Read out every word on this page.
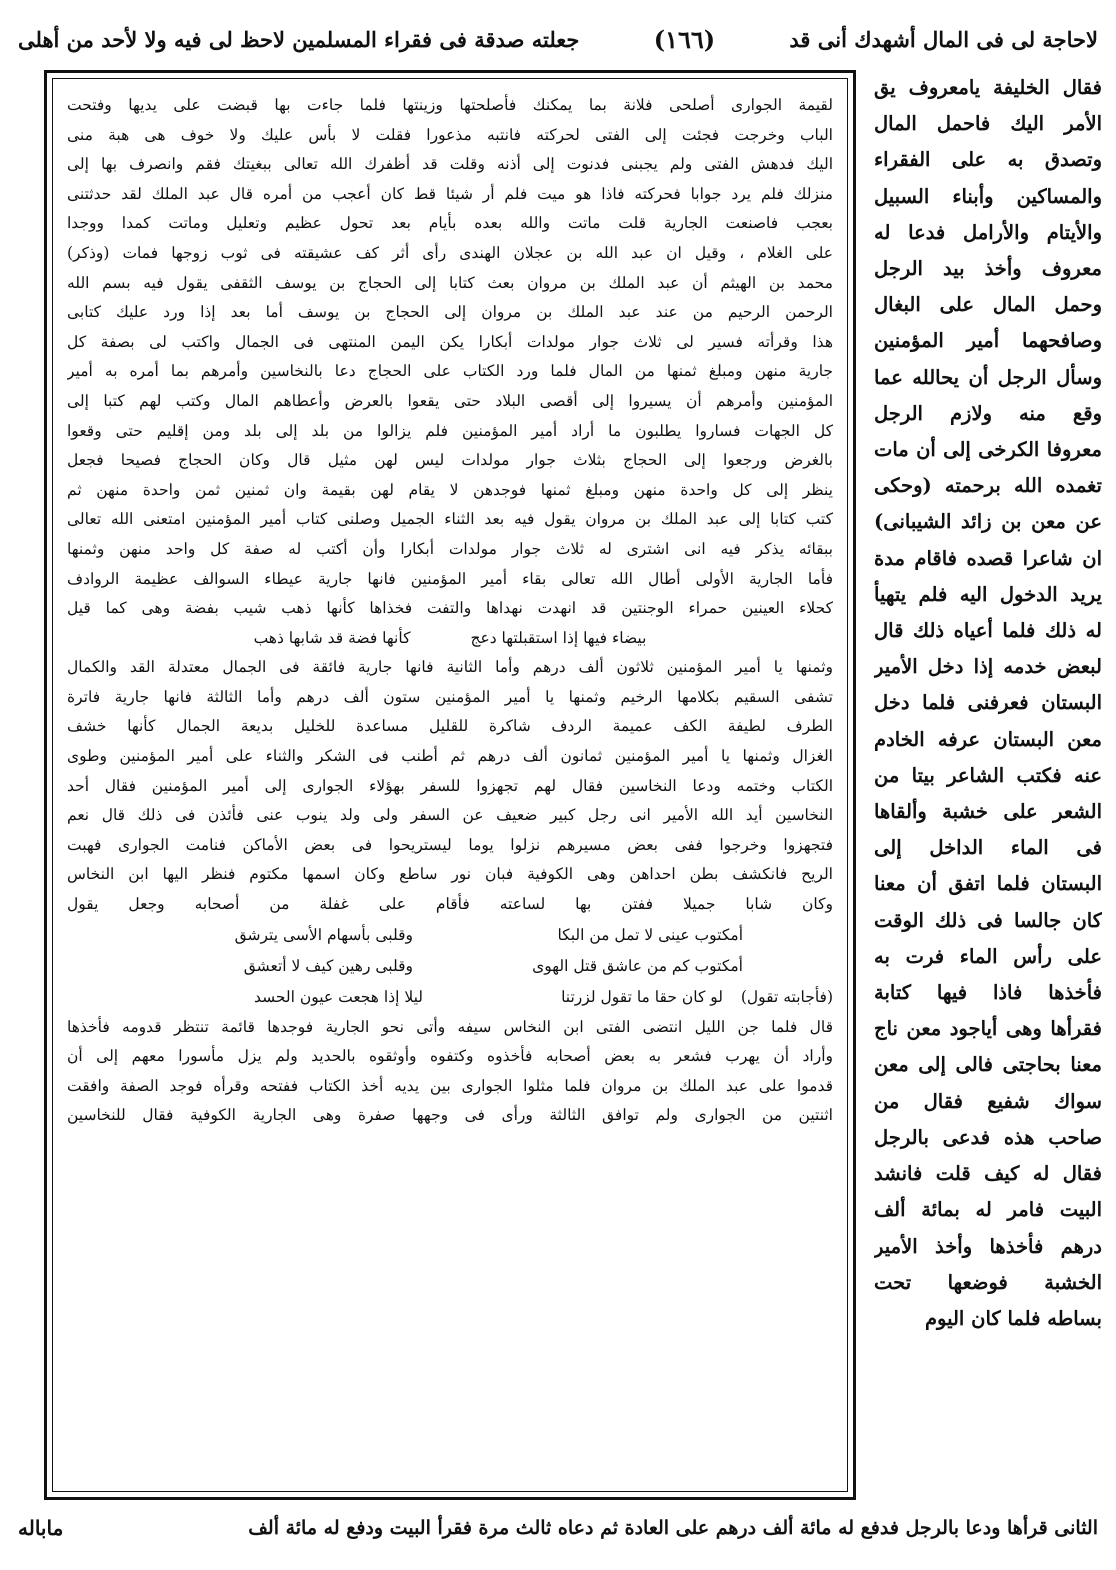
لاحاجة لى فى المال أشهدك أنى قد
(١٦٦)
جعلته صدقة فى فقراء المسلمين لاحظ لى فيه ولا لأحد من أهلى
فقال الخليفة يامعروف يق الأمر اليك فاحمل المال وتصدق به على الفقراء والمساكين وأبناء السبيل والأيتام والأرامل فدعا له معروف وأخذ بيد الرجل وحمل المال على البغال وصافحهما أمير المؤمنين وسأل الرجل أن يحالله عما وقع منه ولازم الرجل معروفا الكرخى إلى أن مات تغمده الله برحمته (وحكى عن معن بن زائد الشيبانى) ان شاعرا قصده فاقام مدة يريد الدخول اليه فلم يتهيأ له ذلك فلما أعياه ذلك قال لبعض خدمه إذا دخل الأمير البستان فعرفنى فلما دخل معن البستان عرفه الخادم عنه فكتب الشاعر بيتا من الشعر على خشبة وألقاها فى الماء الداخل إلى البستان فلما اتفق أن معنا كان جالسا فى ذلك الوقت على رأس الماء فرت به فأخذها فاذا فيها كتابة فقرأها وهى أياجود معن ناج معنا بحاجتى فالى إلى معن سواك شفيع فقال من صاحب هذه فدعى بالرجل فقال له كيف قلت فانشد البيت فامر له بمائة ألف درهم فأخذها وأخذ الأمير الخشبة فوضعها تحت بساطه فلما كان اليوم
لقيمة الجوارى أصلحى فلانة بما يمكنك فأصلحتها وزينتها فلما جاءت بها قبضت على يديها وفتحت
الباب وخرجت فجئت إلى الفتى لحركته فانتبه مذعورا فقلت لا بأس عليك ولا خوف هى هبة منى
اليك فدهش الفتى ولم يجبنى فدنوت إلى أذنه وقلت قد أظفرك الله تعالى ببغيتك فقم وانصرف بها إلى
منزلك فلم يرد جوابا فحركته فاذا هو ميت فلم أر شيئا قط كان أعجب من أمره قال عبد الملك لقد حدثتنى
بعجب فاصنعت الجارية قلت ماتت والله بعده بأيام بعد تحول عظيم وتعليل وماتت كمدا ووجدا
على الغلام ، وقيل ان عبد الله بن عجلان الهندى رأى أثر كف عشيقته فى ثوب زوجها فمات (وذكر)
محمد بن الهيثم أن عبد الملك بن مروان بعث كتابا إلى الحجاج بن يوسف الثقفى يقول فيه بسم الله
الرحمن الرحيم من عند عبد الملك بن مروان إلى الحجاج بن يوسف أما بعد إذا ورد عليك كتابى
هذا وقرأته فسير لى ثلاث جوار مولدات أبكارا يكن اليمن المنتهى فى الجمال واكتب لى بصفة كل
جارية منهن ومبلغ ثمنها من المال فلما ورد الكتاب على الحجاج دعا بالنخاسين وأمرهم بما أمره به أمير
المؤمنين وأمرهم أن يسيروا إلى أقصى البلاد حتى يقعوا بالعرض وأعطاهم المال وكتب لهم كتبا إلى
كل الجهات فساروا يطلبون ما أراد أمير المؤمنين فلم يزالوا من بلد إلى بلد ومن إقليم حتى وقعوا
بالغرض ورجعوا إلى الحجاج بثلاث جوار مولدات ليس لهن مثيل قال وكان الحجاج فصيحا فجعل
ينظر إلى كل واحدة منهن ومبلغ ثمنها فوجدهن لا يقام لهن بقيمة وان ثمنين ثمن واحدة منهن ثم
كتب كتابا إلى عبد الملك بن مروان يقول فيه بعد الثناء الجميل وصلنى كتاب أمير المؤمنين امتعنى الله تعالى
ببقائه يذكر فيه انى اشترى له ثلاث جوار مولدات أبكارا وأن أكتب له صفة كل واحد منهن وثمنها
فأما الجارية الأولى أطال الله تعالى بقاء أمير المؤمنين فانها جارية عيطاء السوالف عظيمة الروادف
كحلاء العينين حمراء الوجنتين قد انهدت نهداها والتفت فخذاها كأنها ذهب شيب بفضة وهى كما قيل
بيضاء فيها إذا استقبلتها دعج
كأنها فضة قد شابها ذهب
وثمنها يا أمير المؤمنين ثلاثون ألف درهم وأما الثانية فانها جارية فائقة فى الجمال معتدلة القد والكمال
تشفى السقيم بكلامها الرخيم وثمنها يا أمير المؤمنين ستون ألف درهم وأما الثالثة فانها جارية فاترة
الطرف لطيفة الكف عميمة الردف شاكرة للقليل مساعدة للخليل بديعة الجمال كأنها خشف
الغزال وثمنها يا أمير المؤمنين ثمانون ألف درهم ثم أطنب فى الشكر والثناء على أمير المؤمنين وطوى
الكتاب وختمه ودعا النخاسين فقال لهم تجهزوا للسفر بهؤلاء الجوارى إلى أمير المؤمنين فقال أحد
النخاسين أيد الله الأمير انى رجل كبير ضعيف عن السفر ولى ولد ينوب عنى فأئذن فى ذلك قال نعم
فتجهزوا وخرجوا ففى بعض مسيرهم نزلوا يوما ليستريحوا فى بعض الأماكن فنامت الجوارى فهبت
الريح فانكشف بطن احداهن وهى الكوفية فبان نور ساطع وكان اسمها مكتوم فنظر اليها ابن النخاس
وكان شابا جميلا ففتن بها لساعته فأقام على غفلة من أصحابه وجعل يقول
أمكتوب عينى لا تمل من البكا
وقلبى بأسهام الأسى يترشق
أمكتوب كم من عاشق قتل الهوى
وقلبى رهين كيف لا أتعشق
(فأجابته تقول)
لو كان حقا ما تقول لزرتنا
ليلا إذا هجعت عيون الحسد
قال فلما جن الليل انتضى الفتى ابن النخاس سيفه وأتى نحو الجارية فوجدها قائمة تنتظر قدومه فأخذها
وأراد أن يهرب فشعر به بعض أصحابه فأخذوه وكتفوه وأوثقوه بالحديد ولم يزل مأسورا معهم إلى أن
قدموا على عبد الملك بن مروان فلما مثلوا الجوارى بين يديه أخذ الكتاب ففتحه وقرأه فوجد الصفة وافقت
اثنتين من الجوارى ولم توافق الثالثة ورأى فى وجهها صفرة وهى الجارية الكوفية فقال للنخاسين
الثانى قرأها ودعا بالرجل فدفع له مائة ألف درهم على العادة ثم دعاه ثالث مرة فقرأ البيت ودفع له مائة ألف
ماباله
